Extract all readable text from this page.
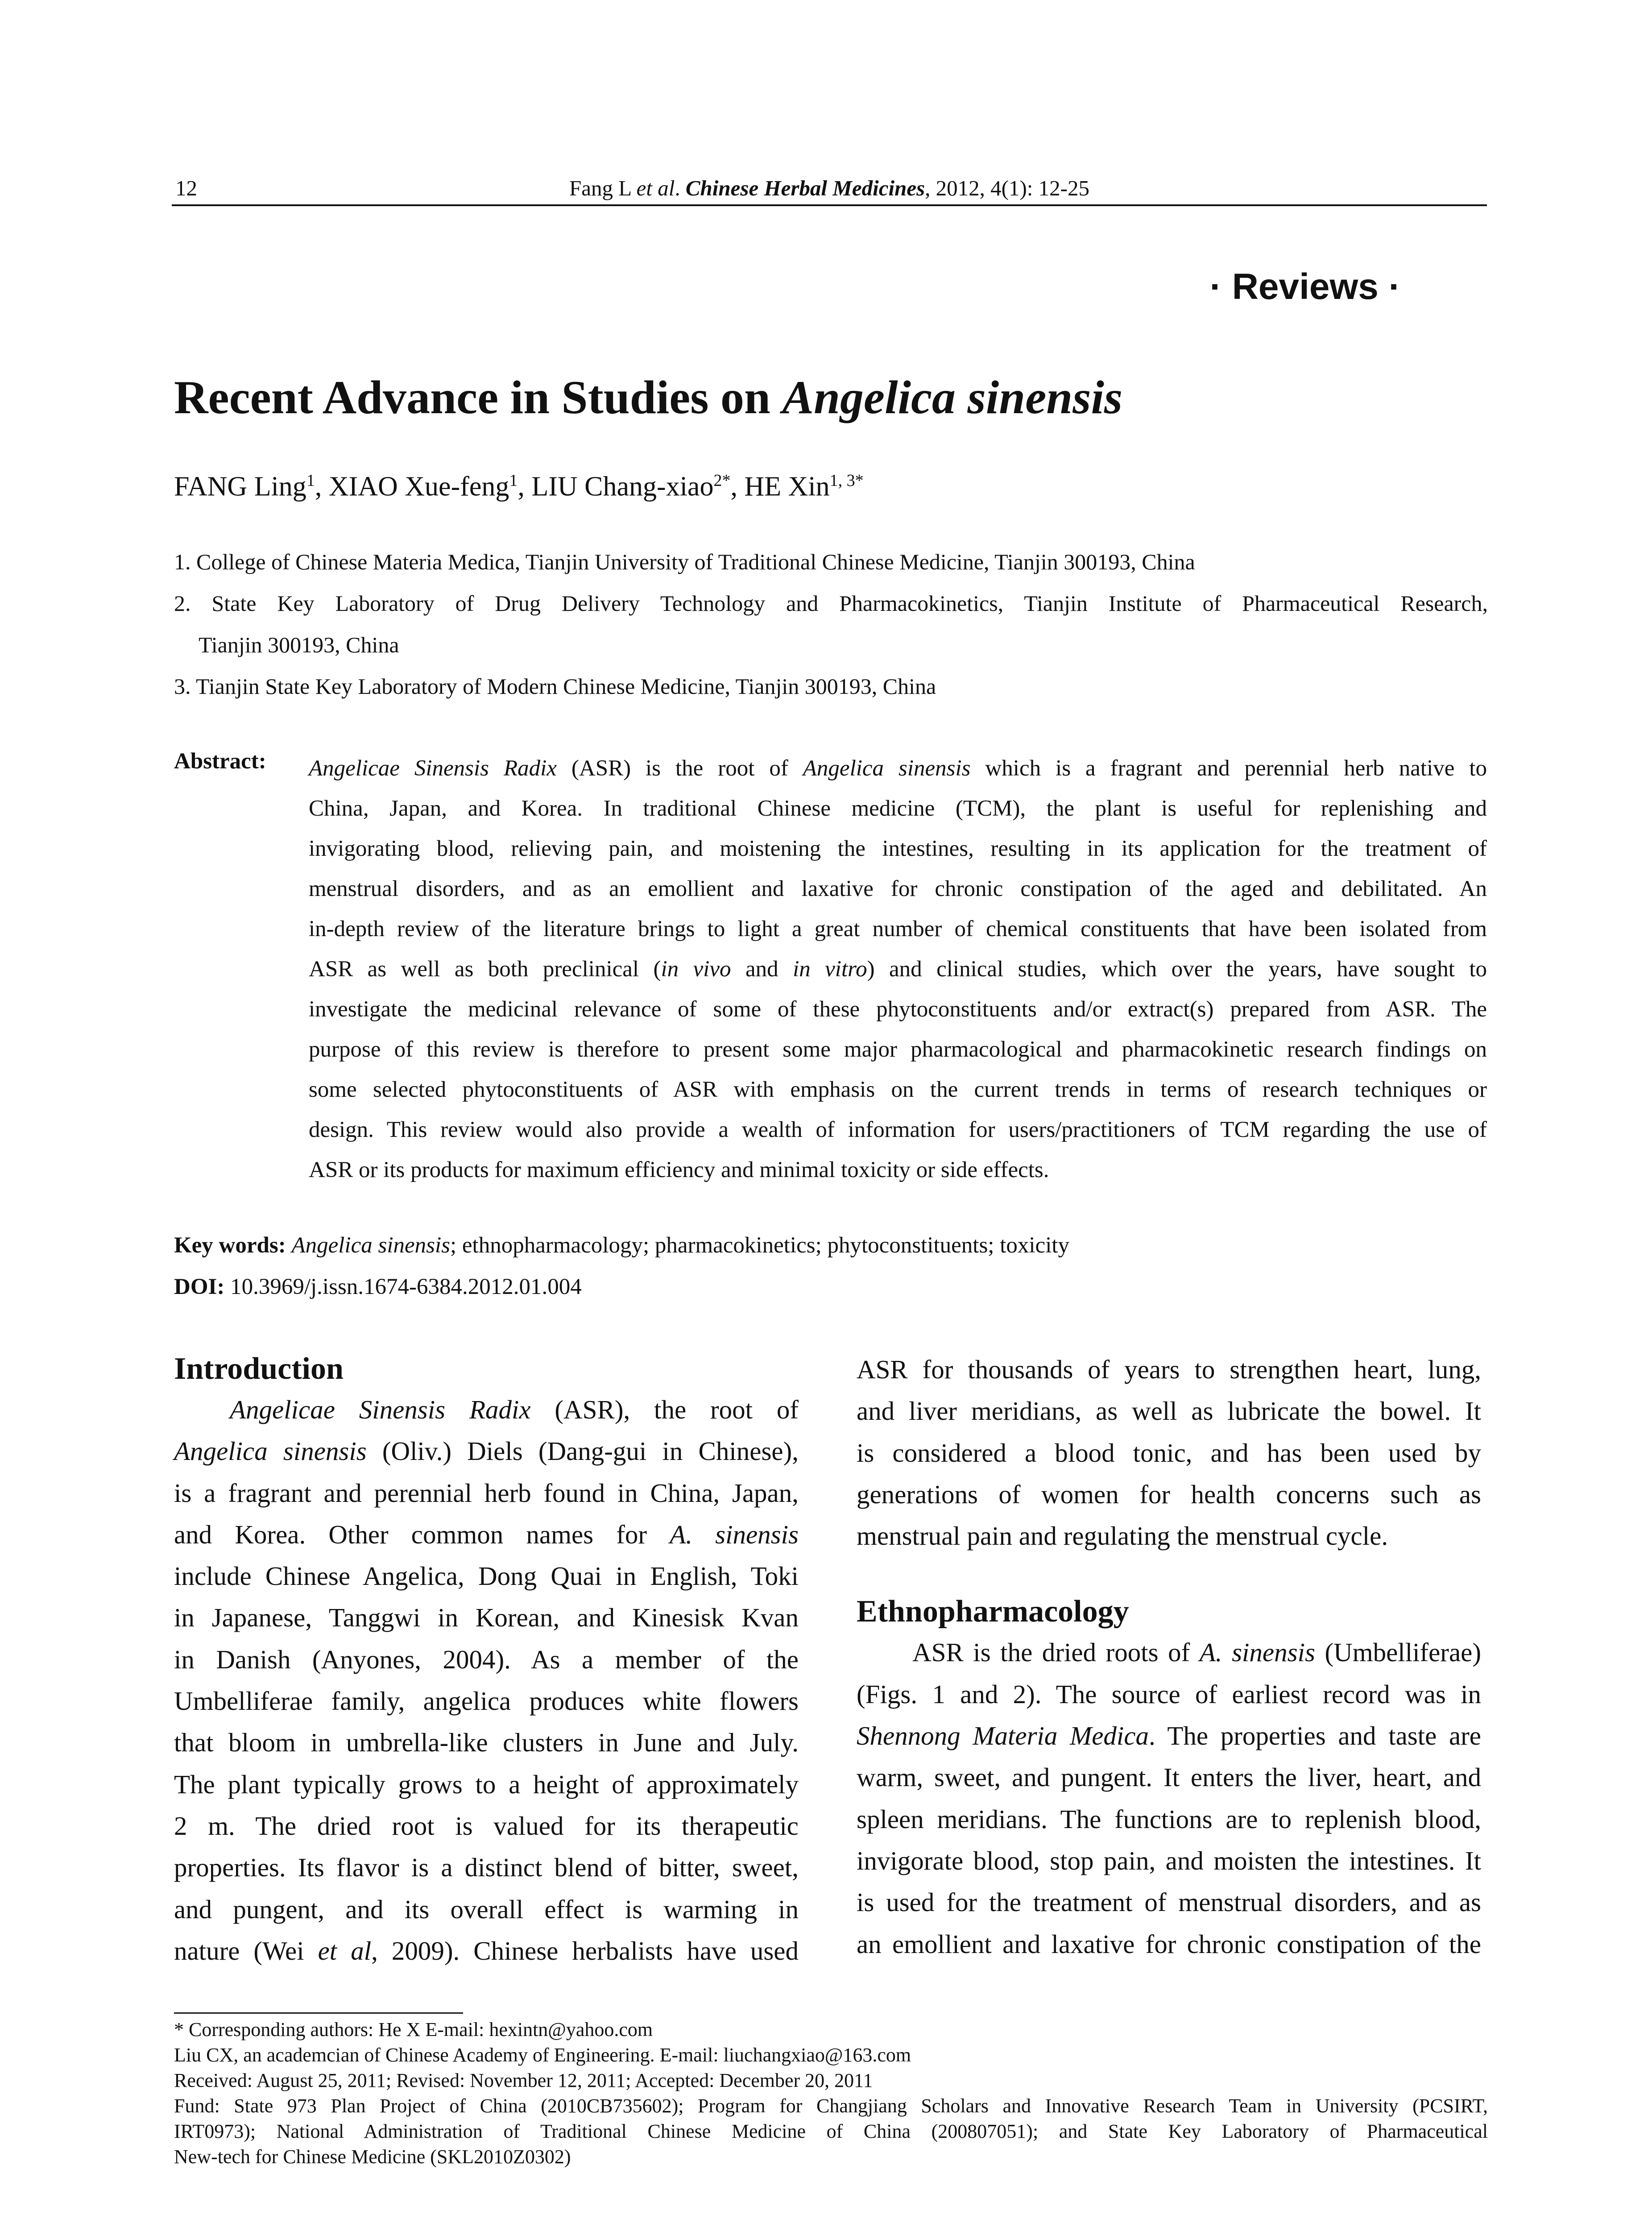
12	Fang L et al. Chinese Herbal Medicines, 2012, 4(1): 12-25
· Reviews ·
Recent Advance in Studies on Angelica sinensis
FANG Ling$^1$, XIAO Xue-feng$^1$, LIU Chang-xiao$^{2*}$, HE Xin$^{1, 3*}$
1. College of Chinese Materia Medica, Tianjin University of Traditional Chinese Medicine, Tianjin 300193, China
2. State Key Laboratory of Drug Delivery Technology and Pharmacokinetics, Tianjin Institute of Pharmaceutical Research,
Tianjin 300193, China
3. Tianjin State Key Laboratory of Modern Chinese Medicine, Tianjin 300193, China
Abstract: Angelicae Sinensis Radix (ASR) is the root of Angelica sinensis which is a fragrant and perennial herb native to
China, Japan, and Korea. In traditional Chinese medicine (TCM), the plant is useful for replenishing and
invigorating blood, relieving pain, and moistening the intestines, resulting in its application for the treatment of
menstrual disorders, and as an emollient and laxative for chronic constipation of the aged and debilitated. An
in-depth review of the literature brings to light a great number of chemical constituents that have been isolated from
ASR as well as both preclinical (in vivo and in vitro) and clinical studies, which over the years, have sought to
investigate the medicinal relevance of some of these phytoconstituents and/or extract(s) prepared from ASR. The
purpose of this review is therefore to present some major pharmacological and pharmacokinetic research findings on
some selected phytoconstituents of ASR with emphasis on the current trends in terms of research techniques or
design. This review would also provide a wealth of information for users/practitioners of TCM regarding the use of
ASR or its products for maximum efficiency and minimal toxicity or side effects.
Key words: Angelica sinensis; ethnopharmacology; pharmacokinetics; phytoconstituents; toxicity
DOI: 10.3969/j.issn.1674-6384.2012.01.004
Introduction
Angelicae Sinensis Radix (ASR), the root of
Angelica sinensis (Oliv.) Diels (Dang-gui in Chinese),
is a fragrant and perennial herb found in China, Japan,
and Korea. Other common names for A. sinensis
include Chinese Angelica, Dong Quai in English, Toki
in Japanese, Tanggwi in Korean, and Kinesisk Kvan
in Danish (Anyones, 2004). As a member of the
Umbelliferae family, angelica produces white flowers
that bloom in umbrella-like clusters in June and July.
The plant typically grows to a height of approximately
2 m. The dried root is valued for its therapeutic
properties. Its flavor is a distinct blend of bitter, sweet,
and pungent, and its overall effect is warming in
nature (Wei et al, 2009). Chinese herbalists have used
ASR for thousands of years to strengthen heart, lung,
and liver meridians, as well as lubricate the bowel. It
is considered a blood tonic, and has been used by
generations of women for health concerns such as
menstrual pain and regulating the menstrual cycle.
Ethnopharmacology
ASR is the dried roots of A. sinensis (Umbelliferae)
(Figs. 1 and 2). The source of earliest record was in
Shennong Materia Medica. The properties and taste are
warm, sweet, and pungent. It enters the liver, heart, and
spleen meridians. The functions are to replenish blood,
invigorate blood, stop pain, and moisten the intestines. It
is used for the treatment of menstrual disorders, and as
an emollient and laxative for chronic constipation of the
* Corresponding authors: He X E-mail: hexintn@yahoo.com
Liu CX, an academcian of Chinese Academy of Engineering. E-mail: liuchangxiao@163.com
Received: August 25, 2011; Revised: November 12, 2011; Accepted: December 20, 2011
Fund: State 973 Plan Project of China (2010CB735602); Program for Changjiang Scholars and Innovative Research Team in University (PCSIRT,
IRT0973); National Administration of Traditional Chinese Medicine of China (200807051); and State Key Laboratory of Pharmaceutical
New-tech for Chinese Medicine (SKL2010Z0302)
